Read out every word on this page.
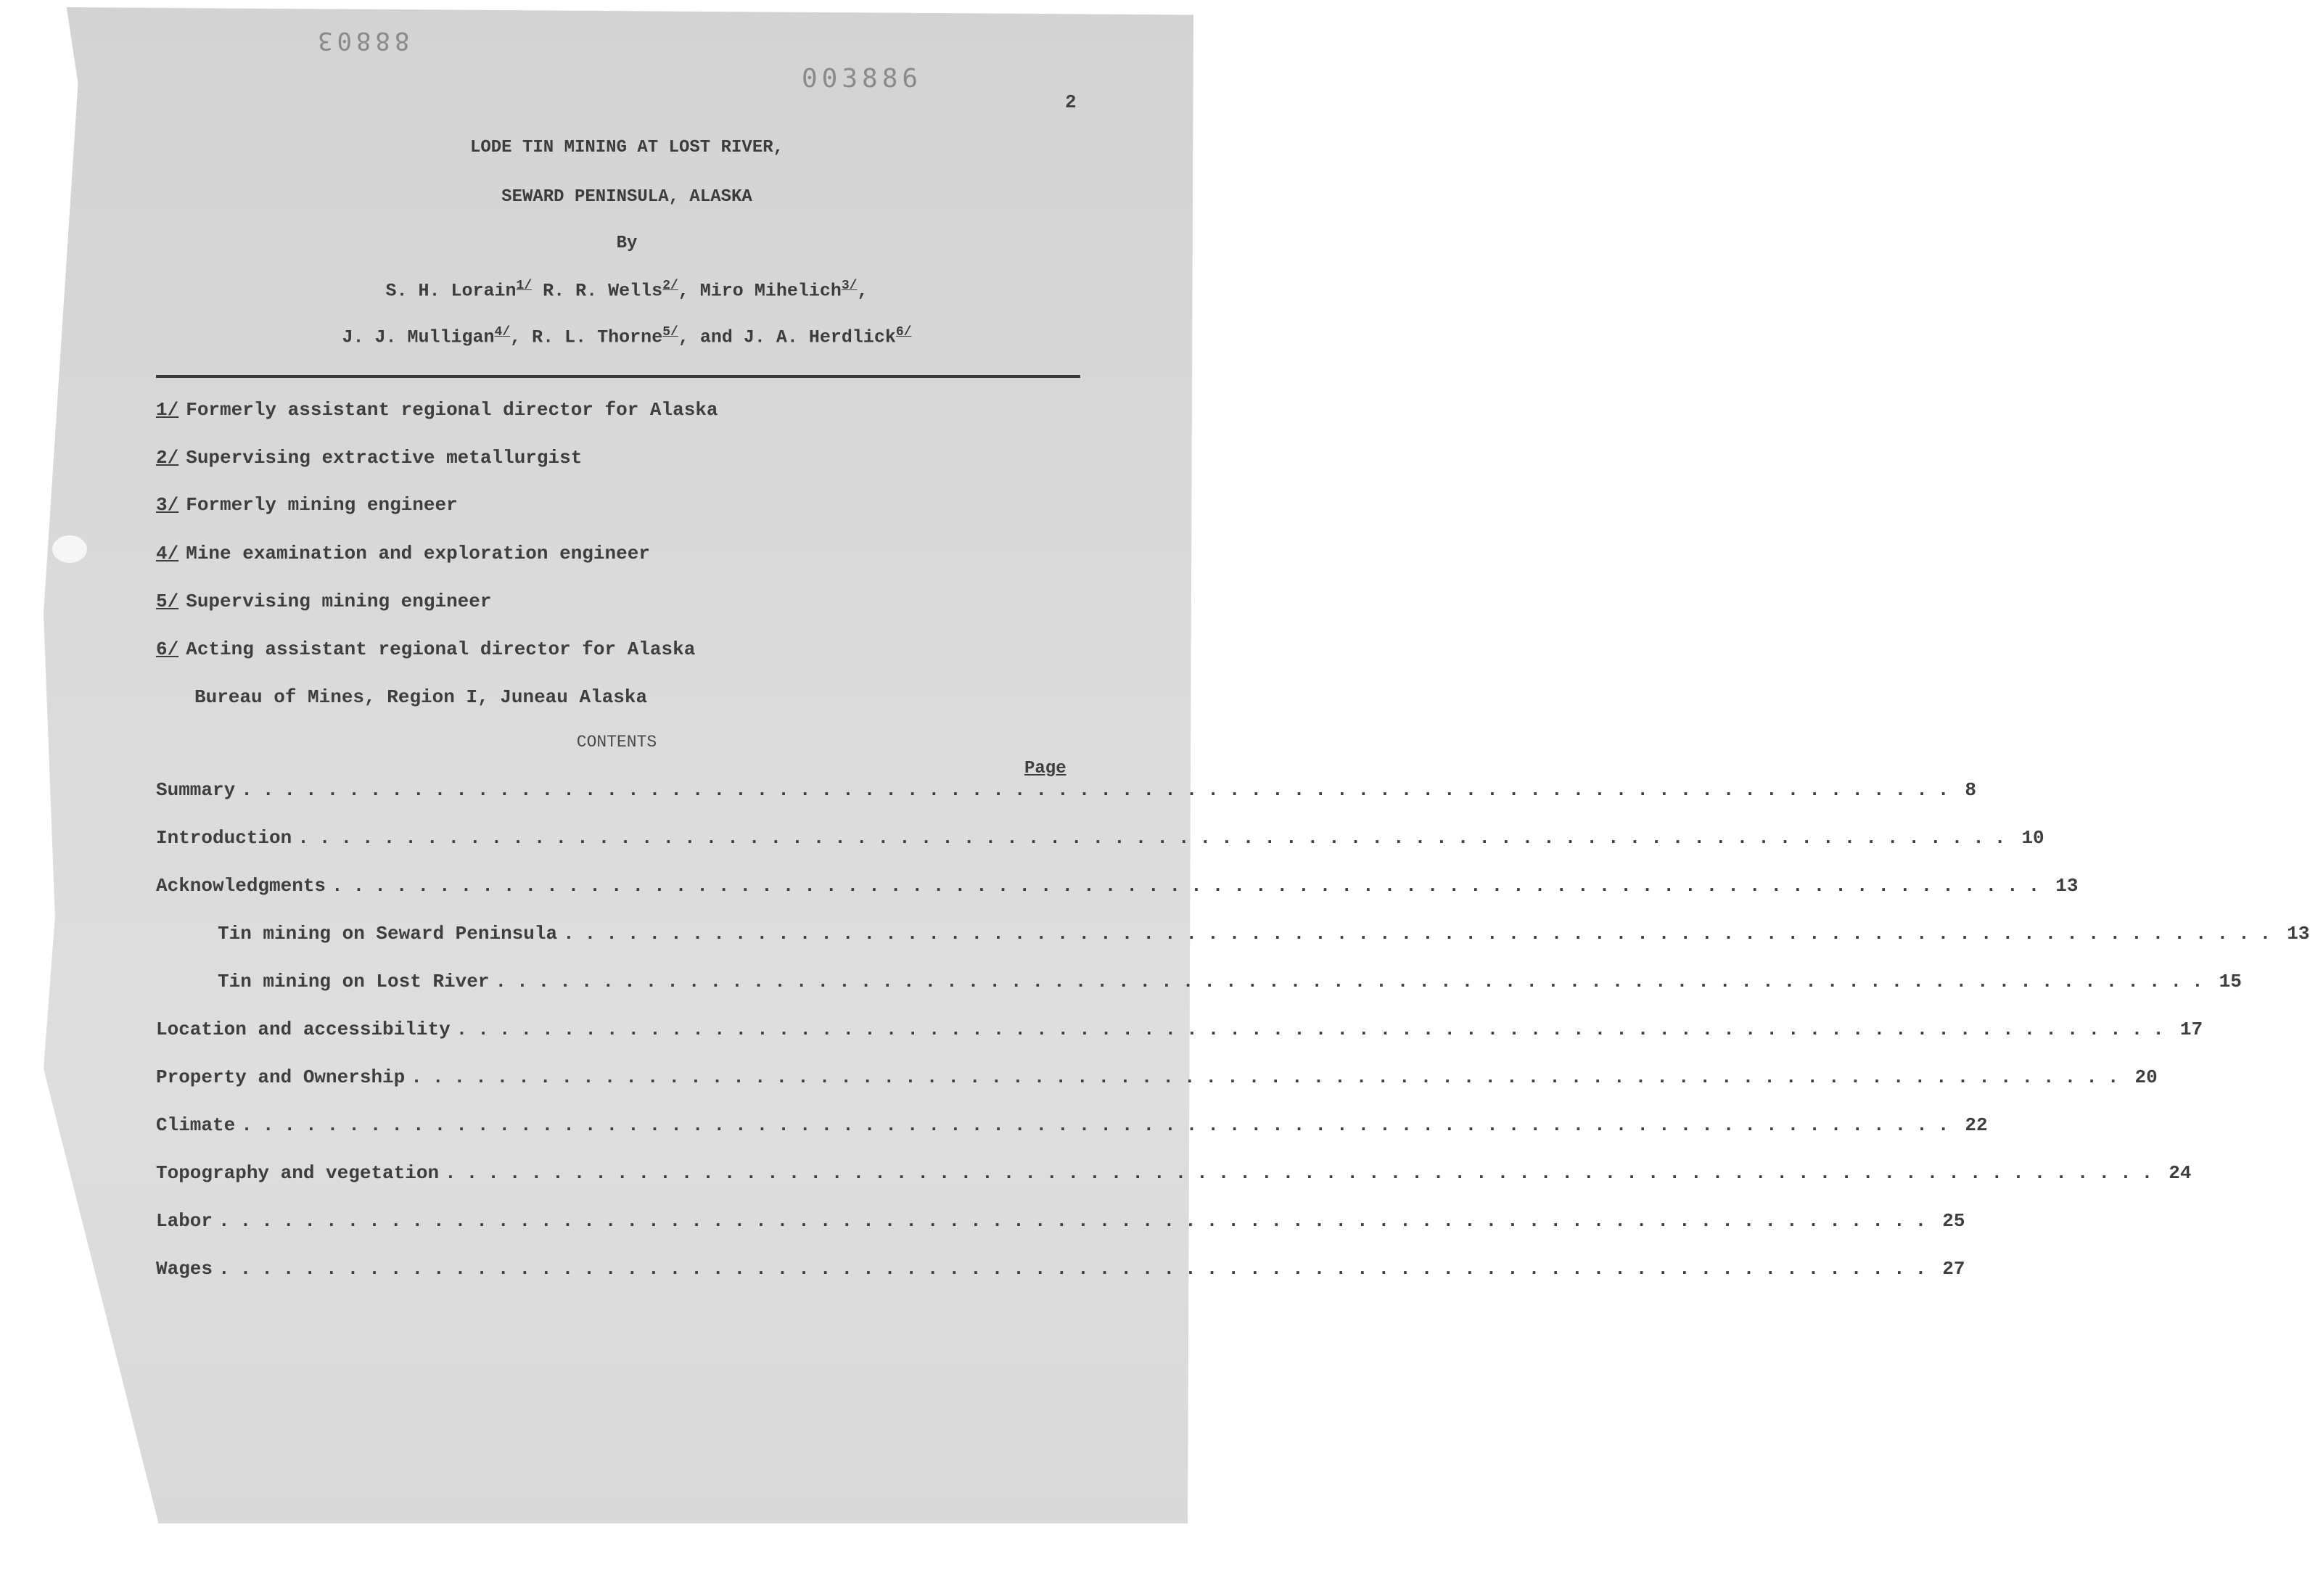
88803
003886
2
LODE TIN MINING AT LOST RIVER,
SEWARD PENINSULA, ALASKA
By
S. H. Lorain$^{1/}$ R. R. Wells$^{2/}$, Miro Mihelich$^{3/}$,
J. J. Mulligan$^{4/}$, R. L. Thorne$^{5/}$, and J. A. Herdlick$^{6/}$
1/ Formerly assistant regional director for Alaska
2/ Supervising extractive metallurgist
3/ Formerly mining engineer
4/ Mine examination and exploration engineer
5/ Supervising mining engineer
6/ Acting assistant regional director for Alaska
Bureau of Mines, Region I, Juneau Alaska
CONTENTS
Page
Summary ................................................................................ 8
Introduction ................................................................................ 10
Acknowledgments ................................................................................ 13
Tin mining on Seward Peninsula ................................................................................ 13
Tin mining on Lost River ................................................................................ 15
Location and accessibility ................................................................................ 17
Property and Ownership ................................................................................ 20
Climate ................................................................................ 22
Topography and vegetation ................................................................................ 24
Labor ................................................................................ 25
Wages ................................................................................ 27
